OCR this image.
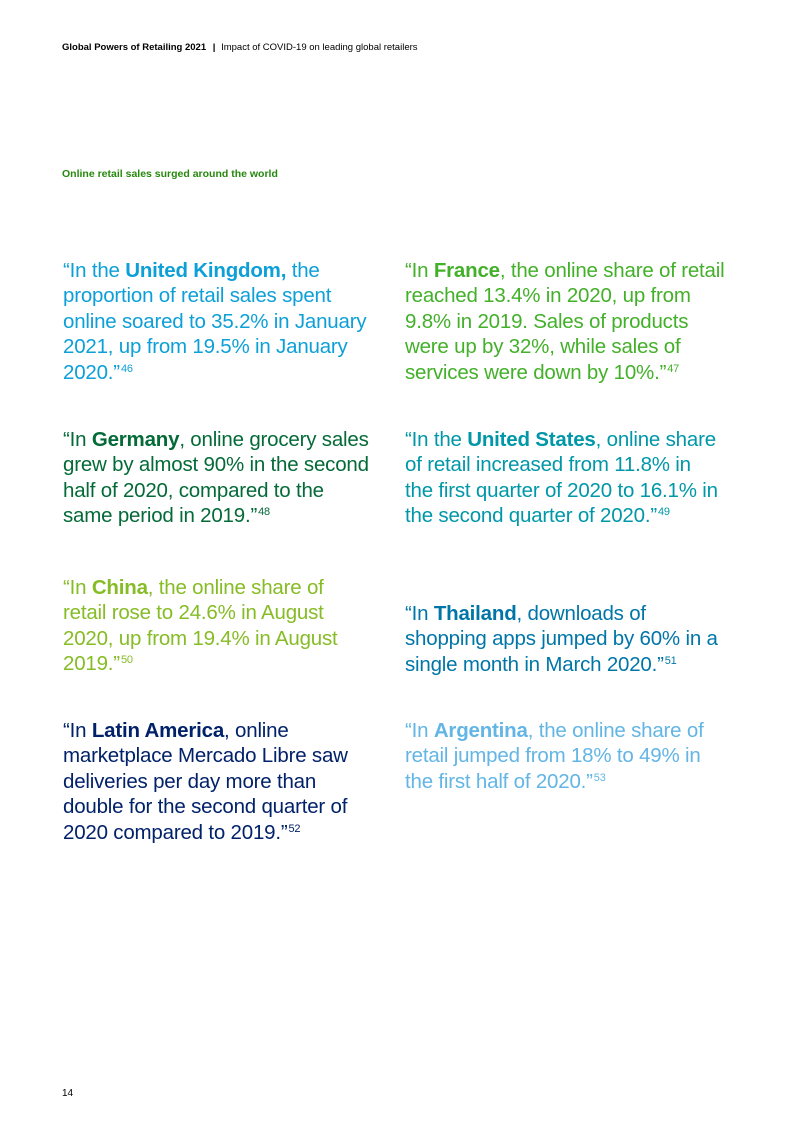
Global Powers of Retailing 2021 | Impact of COVID-19 on leading global retailers
Online retail sales surged around the world
“In the United Kingdom, the proportion of retail sales spent online soared to 35.2% in January 2021, up from 19.5% in January 2020.”$^{46}$
“In Germany, online grocery sales grew by almost 90% in the second half of 2020, compared to the same period in 2019.”$^{48}$
“In China, the online share of retail rose to 24.6% in August 2020, up from 19.4% in August 2019.”$^{50}$
“In Latin America, online marketplace Mercado Libre saw deliveries per day more than double for the second quarter of 2020 compared to 2019.”$^{52}$
“In France, the online share of retail reached 13.4% in 2020, up from 9.8% in 2019. Sales of products were up by 32%, while sales of services were down by 10%.”$^{47}$
“In the United States, online share of retail increased from 11.8% in the first quarter of 2020 to 16.1% in the second quarter of 2020.”$^{49}$
“In Thailand, downloads of shopping apps jumped by 60% in a single month in March 2020.”$^{51}$
“In Argentina, the online share of retail jumped from 18% to 49% in the first half of 2020.”$^{53}$
14
